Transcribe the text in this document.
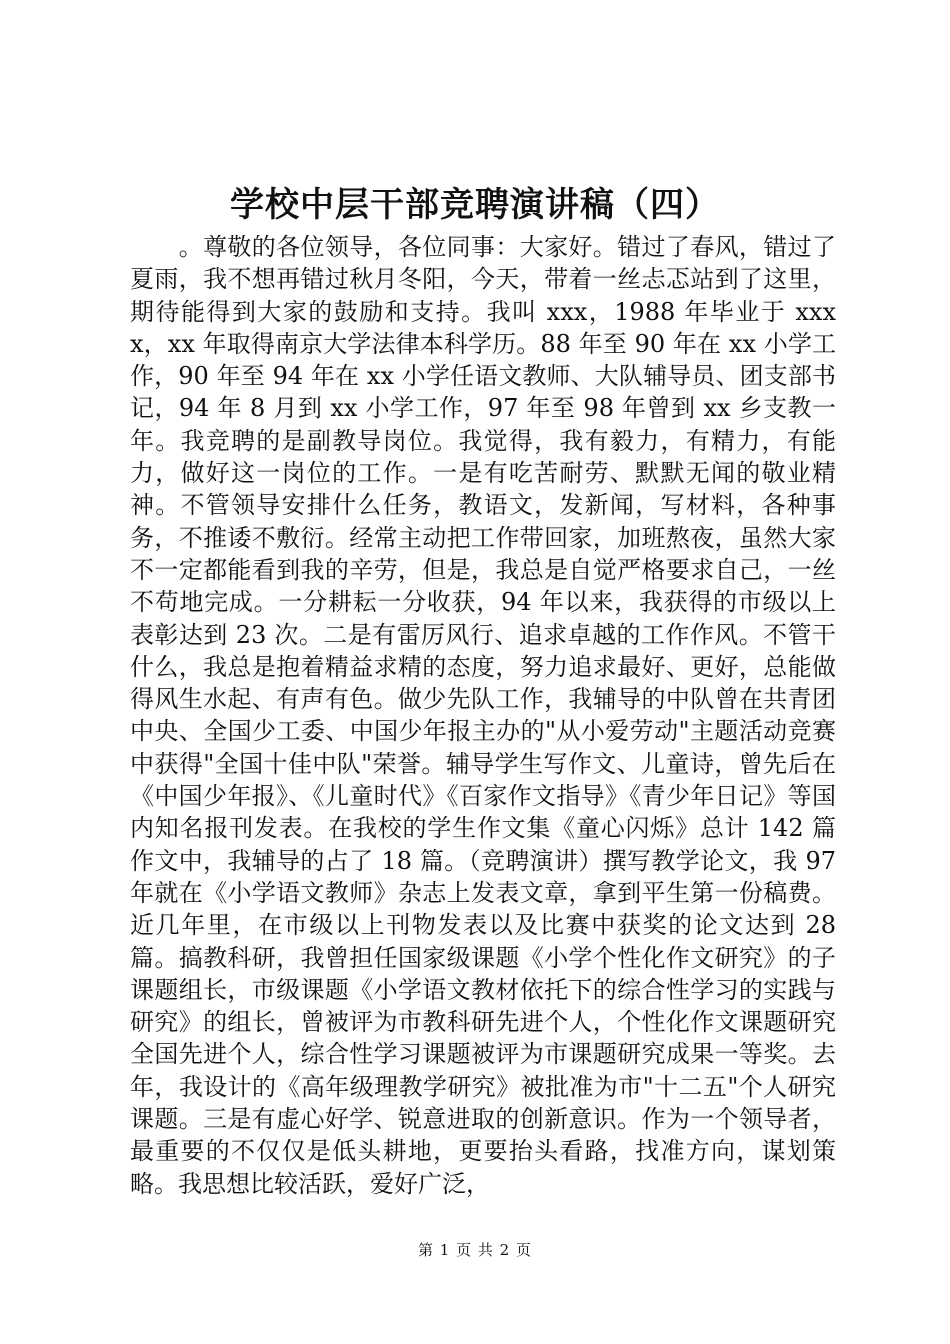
学校中层干部竞聘演讲稿（四）

　　。尊敬的各位领导，各位同事：大家好。错过了春风，错过了夏雨，我不想再错过秋月冬阳，今天，带着一丝忐忑站到了这里，期待能得到大家的鼓励和支持。我叫 xxx，1988 年毕业于 xxxx，xx 年取得南京大学法律本科学历。88 年至 90 年在 xx 小学工作，90 年至 94 年在 xx 小学任语文教师、大队辅导员、团支部书记，94 年 8 月到 xx 小学工作，97 年至 98 年曾到 xx 乡支教一年。我竞聘的是副教导岗位。我觉得，我有毅力，有精力，有能力，做好这一岗位的工作。一是有吃苦耐劳、默默无闻的敬业精神。不管领导安排什么任务，教语文，发新闻，写材料，各种事务，不推诿不敷衍。经常主动把工作带回家，加班熬夜，虽然大家不一定都能看到我的辛劳，但是，我总是自觉严格要求自己，一丝不苟地完成。一分耕耘一分收获，94 年以来，我获得的市级以上表彰达到 23 次。二是有雷厉风行、追求卓越的工作作风。不管干什么，我总是抱着精益求精的态度，努力追求最好、更好，总能做得风生水起、有声有色。做少先队工作，我辅导的中队曾在共青团中央、全国少工委、中国少年报主办的"从小爱劳动"主题活动竞赛中获得"全国十佳中队"荣誉。辅导学生写作文、儿童诗，曾先后在《中国少年报》、《儿童时代》《百家作文指导》《青少年日记》等国内知名报刊发表。在我校的学生作文集《童心闪烁》总计 142 篇作文中，我辅导的占了 18 篇。（竞聘演讲）撰写教学论文，我 97 年就在《小学语文教师》杂志上发表文章，拿到平生第一份稿费。近几年里，在市级以上刊物发表以及比赛中获奖的论文达到 28 篇。搞教科研，我曾担任国家级课题《小学个性化作文研究》的子课题组长，市级课题《小学语文教材依托下的综合性学习的实践与研究》的组长，曾被评为市教科研先进个人，个性化作文课题研究全国先进个人，综合性学习课题被评为市课题研究成果一等奖。去年，我设计的《高年级理教学研究》被批准为市"十二五"个人研究课题。三是有虚心好学、锐意进取的创新意识。作为一个领导者，最重要的不仅仅是低头耕地，更要抬头看路，找准方向，谋划策略。我思想比较活跃，爱好广泛，

第 1 页 共 2 页
